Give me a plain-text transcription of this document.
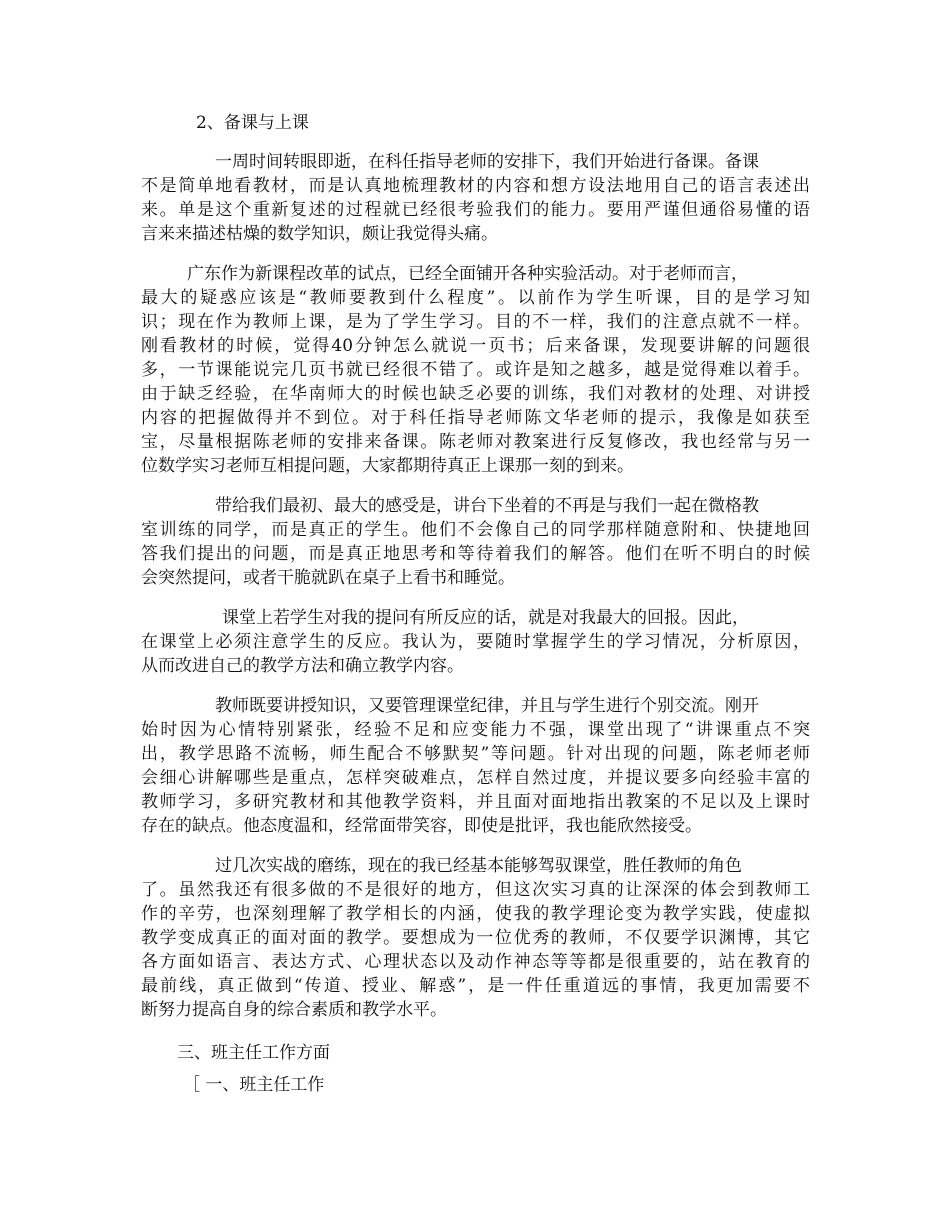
2、备课与上课

一周时间转眼即逝，在科任指导老师的安排下，我们开始进行备课。备课

不是简单地看教材，而是认真地梳理教材的内容和想方设法地用自己的语言表述出

来。单是这个重新复述的过程就已经很考验我们的能力。要用严谨但通俗易懂的语

言来来描述枯燥的数学知识，颇让我觉得头痛。

广东作为新课程改革的试点，已经全面铺开各种实验活动。对于老师而言，

最大的疑惑应该是“教师要教到什么程度”。以前作为学生听课，目的是学习知

识；现在作为教师上课，是为了学生学习。目的不一样，我们的注意点就不一样。

刚看教材的时候，觉得40分钟怎么就说一页书；后来备课，发现要讲解的问题很

多，一节课能说完几页书就已经很不错了。或许是知之越多，越是觉得难以着手。

由于缺乏经验，在华南师大的时候也缺乏必要的训练，我们对教材的处理、对讲授

内容的把握做得并不到位。对于科任指导老师陈文华老师的提示，我像是如获至

宝，尽量根据陈老师的安排来备课。陈老师对教案进行反复修改，我也经常与另一

位数学实习老师互相提问题，大家都期待真正上课那一刻的到来。

带给我们最初、最大的感受是，讲台下坐着的不再是与我们一起在微格教

室训练的同学，而是真正的学生。他们不会像自己的同学那样随意附和、快捷地回

答我们提出的问题，而是真正地思考和等待着我们的解答。他们在听不明白的时候

会突然提问，或者干脆就趴在桌子上看书和睡觉。

课堂上若学生对我的提问有所反应的话，就是对我最大的回报。因此，

在课堂上必须注意学生的反应。我认为，要随时掌握学生的学习情况，分析原因，

从而改进自己的教学方法和确立教学内容。

教师既要讲授知识，又要管理课堂纪律，并且与学生进行个别交流。刚开

始时因为心情特别紧张，经验不足和应变能力不强，课堂出现了“讲课重点不突

出，教学思路不流畅，师生配合不够默契”等问题。针对出现的问题，陈老师老师

会细心讲解哪些是重点，怎样突破难点，怎样自然过度，并提议要多向经验丰富的

教师学习，多研究教材和其他教学资料，并且面对面地指出教案的不足以及上课时

存在的缺点。他态度温和，经常面带笑容，即使是批评，我也能欣然接受。

过几次实战的磨练，现在的我已经基本能够驾驭课堂，胜任教师的角色

了。虽然我还有很多做的不是很好的地方，但这次实习真的让深深的体会到教师工

作的辛劳，也深刻理解了教学相长的内涵，使我的教学理论变为教学实践，使虚拟

教学变成真正的面对面的教学。要想成为一位优秀的教师，不仅要学识渊博，其它

各方面如语言、表达方式、心理状态以及动作神态等等都是很重要的，站在教育的

最前线，真正做到“传道、授业、解惑”，是一件任重道远的事情，我更加需要不

断努力提高自身的综合素质和教学水平。

三、班主任工作方面

［ 一、班主任工作
